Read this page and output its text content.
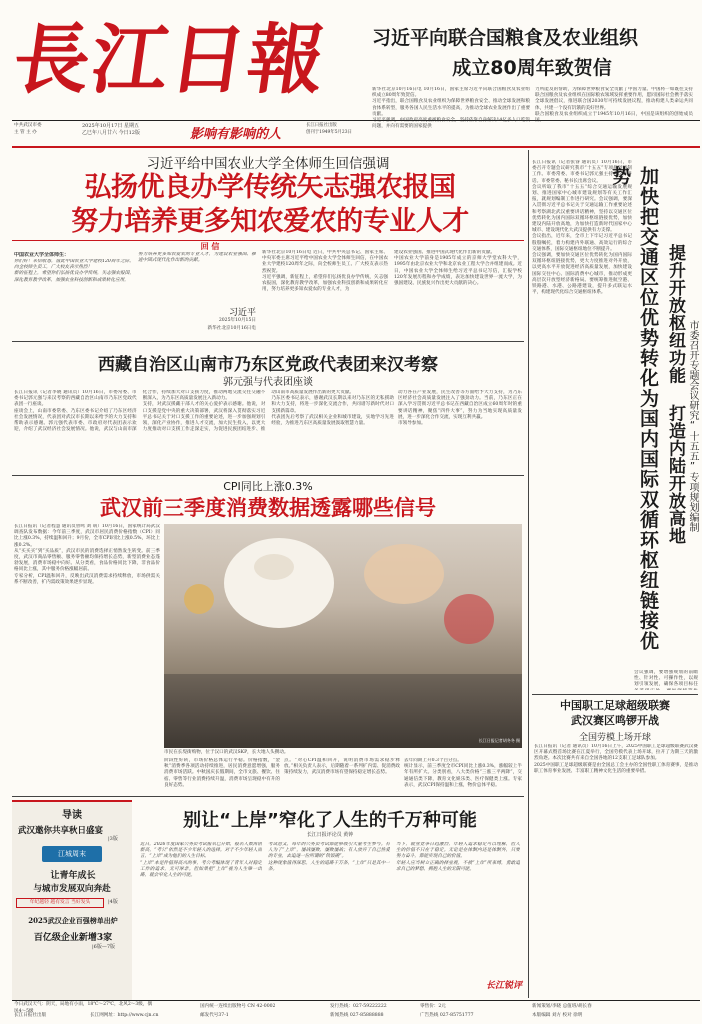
長江日報
中共武汉市委
主 管 主 办
2025年10月17日 星期五
乙巳年八月廿六 今日12版	影响有影响的人
长江日报社出版
创刊于1949年5月23日
习近平向联合国粮食及农业组织
成立80周年致贺信
新华社北京10月16日电 10月16日，国家主席习近平向联合国粮食及农业组织成立80周年致贺信。
习近平指出，联合国粮食及农业组织为保障世界粮食安全、推动全球发展和粮食体系转型，服务各国人民生活水平的提高，为推动全球农业发展作出了重要贡献。
习近平强调，中国政府高度重视粮食安全，坚持依靠自身解决14亿多人口吃饭问题，并向有需要的国家提供
力所能及的帮助，为保障世界粮食安全贡献了中国力量。中国将一如既往支持联合国粮食及农业组织在国际粮农领域发挥重要作用，愿同国际社会携手落实全球发展倡议，推进联合国2030年可持续发展议程，推动构建人类命运共同体，共建一个没有饥饿的美好世界。
联合国粮食及农业组织成立于1945年10月16日，中国是该组织的创始成员国。
习近平给中国农业大学全体师生回信强调
弘扬优良办学传统矢志强农报国
努力培养更多知农爱农的专业人才
回 信
中国农业大学全体师生：
你们好！来信收悉，值此中国农业大学建校120周年之际，向全校师生员工，广大校友表示热烈！
新的征程上，希望你们弘扬优良办学传统，矢志强农报国，深化教育教学改革，加强农业科技创新和成果转化应用，
努力培养更多知农爱农的专业人才，为建设农业强国、推进中国式现代化作出新的贡献。
习近平
2025年10月15日
新华社北京10月16日电
新华社北京10月16日电 近日，中共中央总书记、国家主席、中央军委主席习近平给中国农业大学全体师生回信，在中国农业大学建校120周年之际，向全校师生员工、广大校友表示热烈祝贺。
习近平强调，新征程上，希望你们弘扬优良办学传统，矢志强农报国，深化教育教学改革，加强农业科技创新和成果转化应用，努力培养更多知农爱农的专业人才，为
建设农业强国、推进中国式现代化作出新的贡献。
中国农业大学前身是1905年成立的京师大学堂农科大学，1995年由北京农业大学和北京农业工程大学合并组建而成。近日，中国农业大学全体师生给习近平总书记写信，汇报学校120年发展历程和办学成绩，表达加快建设世界一流大学，为强国建设、民族复兴作出更大贡献的决心。
西藏自治区山南市乃东区党政代表团来汉考察
郭元强与代表团座谈
长江日报讯（记者李晓 通讯员）10月16日，市委常委、市委书记郭元强与来汉考察的西藏自治区山南市乃东区党政代表团一行座谈。
座谈会上，山南市委常委、乃东区委书记介绍了乃东区经济社会发展情况，代表团对武汉市长期以来给予的大力支持和帮助表示感谢。郭元强代表市委、市政府对代表团表示欢迎，介绍了武汉经济社会发展情况。他说，武汉与山南市深化合作，持续加大对口支援力度，推动两地交流交往交融不断深入，为乃东区高质量发展注入新动力。
支持，对武汉援藏干部人才的关心爱护表示感谢。他说，对口支援是党中央的重大决策部署，武汉将深入贯彻落实习近平总书记关于对口支援工作的重要论述，进一步加强规划引领，深化产业协作，推进人才交流，加大民生投入，以更大力度推动对口支援工作走深走实，为促进民族团结进步、推动山南市高质量发展作出新的更大贡献。
乃东区委书记表示，感谢武汉长期以来对乃东区的无私援助和大力支持，将进一步深化交流合作，共同谱写新时代对口支援新篇章。
代表团先后考察了武汉相关企业和城市建设，实地学习先进经验，为推进乃东区高质量发展汲取智慧力量。
动力各在产业发展，民生改善等方面给予大力支持，为乃东区经济社会高质量发展注入了强劲动力。当前，乃东区正在深入学习贯彻习近平总书记在西藏自治区成立60周年时的重要讲话精神，聚焦“四件大事”，努力为当地实现高质量发展，进一步深化合作交流，实现互利共赢。
市领导参加。
CPI同比上涨0.3%
武汉前三季度消费数据透露哪些信号
长江日报讯（记者程慧 通讯员曾鸣 刘 萌）10月16日，国家统计局武汉调查队发布数据：今年前三季度，武汉市居民消费价格指数（CPI）同比上涨0.3%，持续温和回升；9月份，全市CPI同比上涨0.5%，环比上涨0.2%。
从“买买买”到“买品质”，武汉市民的消费选择正悄然发生转变。前三季度，武汉市商品零售额、服务零售额均保持增长态势，新型消费业态蓬勃发展，消费市场稳中向好。从分类看，食品价格同比下降，非食品价格同比上涨，其中服务价格涨幅居前。
专家分析，CPI温和回升，反映出武汉消费需求持续释放，市场供需关系不断改善，扩内需政策效果逐步显现。
长江日报记者胡冬冬 摄
市民在长堤街购物，位于汉口的武汉SKP，长大地人头攒动。
阶段性好转，市场价格总体运行平稳。价格指数，“金秋”消费季各项活动持续推进，居民消费意愿增强，服务消费市场活跃。中秋国庆长假期间，全市文旅、餐饮、住宿、零售等行业消费持续升温，消费市场呈现稳中有升的良好态势。
点。“对心CPI温和回升，说明消费市场需求稳步释放。”相关负责人表示，后期随着一系列扩内需、促消费政策持续发力，武汉消费市场有望保持稳定增长态势。
去年同期上升0.3个百分点。
统计显示，前三季度全市CPI同比上涨0.3%，涨幅较上半年有所扩大。分类别看，八大类价格“三涨三平两降”，交通通信类下降，教育文化娱乐类、医疗保健类上涨。专家表示，武汉CPI保持温和上涨，物价总体平稳。
导读
武汉邀你共享秋日盛宴
|3版
江城周末
让青年成长
与城市发展双向奔赴
年纪越轻 越有发言 当好发头	|4版
2025武汉企业百强榜单出炉
百亿级企业新增3家
|6版—7版
别让“上岸”窄化了人生的千万种可能
长江日报评论员 黄钟
近日，2026年度国家公务员考试报名已开始，报名人数再创新高，“考公”依然是不少年轻人的选择。对于不少年轻人而言，“上岸”成为他们的人生目标。
“上岸”本是件值得高兴的事，考公考编体现了青年人对稳定工作的追求，无可厚非。但如果把“上岸”视为人生唯一出路，就会窄化人生的可能。
考试意义，每年的公务员考试都能够吸引大量考生参与。有人为了“上岸”，屡战屡败、屡败屡战；有人放弃了自己热爱的专业，去追逐一份所谓的“铁饭碗”。
这种现象值得深思。人生的道路千万条，“上岸”只是其中一条。
当下，就业竞争日趋激烈，年轻人追求稳定可以理解，但人生的价值不只在于稳定。无论是在体制内还是体制外，只要努力奋斗，都能实现自己的价值。
年轻人应当树立正确的择业观，不被“上岸”所束缚，勇敢追求自己的梦想，拥抱人生的无限可能。
长江锐评
长江日报讯（记者张睿 通讯员）10月16日，市委召开专题会议研究我市“十五五”专项规划编制工作。市委常委、市委书记郭元强主持会议并讲话。市委常委、秘书长出席会议。
会议听取了我市“十五五”综合交通运输发展规划、推进国家中心城市建设规划等有关工作汇报，就规划编制工作进行研究。会议强调，要深入贯彻习近平总书记关于交通运输工作重要论述和考察湖北武汉重要讲话精神，坚持以交通区位优势转化为国内国际双循环枢纽链接优势，加快建设内陆开放高地，为加快打造新时代国家中心城市、建设现代化大武汉提供有力支撑。
会议指出，近年来，全市上下牢记习近平总书记殷殷嘱托，着力构建内外联通、高效运行的综合交通体系，国际交通枢纽地位不断提升。
会议强调，要加快交通区位优势转化为国内国际双循环枢纽链接优势，更大力度推进对外开放，以更高水平开放促进经济高质量发展，加快建设国际交往中心、国际消费中心城市，推动形成更高层次开放型经济新格局。要统筹推进航空港、铁路港、水港、公路港建设，提升多式联运水平，构建现代化综合交通枢纽体系。	加快把交通区位优势转化为国内国际双循环枢纽链接优势
提升开放枢纽功能 打造内陆开放高地 市委召开专题会议研究“十五五”专项规划编制
会议强调，要增强规划的前瞻性、针对性、可操作性，以规划引领发展，确保各项目标任
中国职工足球超级联赛
武汉赛区鸣锣开战
全国劳模上场开球
长江日报讯（记者 通讯员）10月16日上午，2025中国职工足球超级联赛武汉赛区开幕式暨首场比赛在江夏举行，全国劳模代表上场开球，拉开了为期三天的激烈角逐。本次比赛共有来自全国各地的12支职工足球队参加。
2025中国职工足球超级联赛是由全国总工会主办的全国性职工体育赛事，是推动职工体育事业发展、丰富职工精神文化生活的重要举措。
今日武汉天气：阴天，局地有小雨，18℃～27℃，北风2～3级，偶风4～5级
长江日报社出版	长江网网址：http://www.cjn.cn
国内统一连续出版物号 CN 42-0002
邮发代号37-1
发行热线：027-59222222
新闻热线 027-85888888
零售价：2元
广告热线 027-85751777
新闻策划/李晓 总值班/胡长春
本版编辑 刘方 校对 徐明
